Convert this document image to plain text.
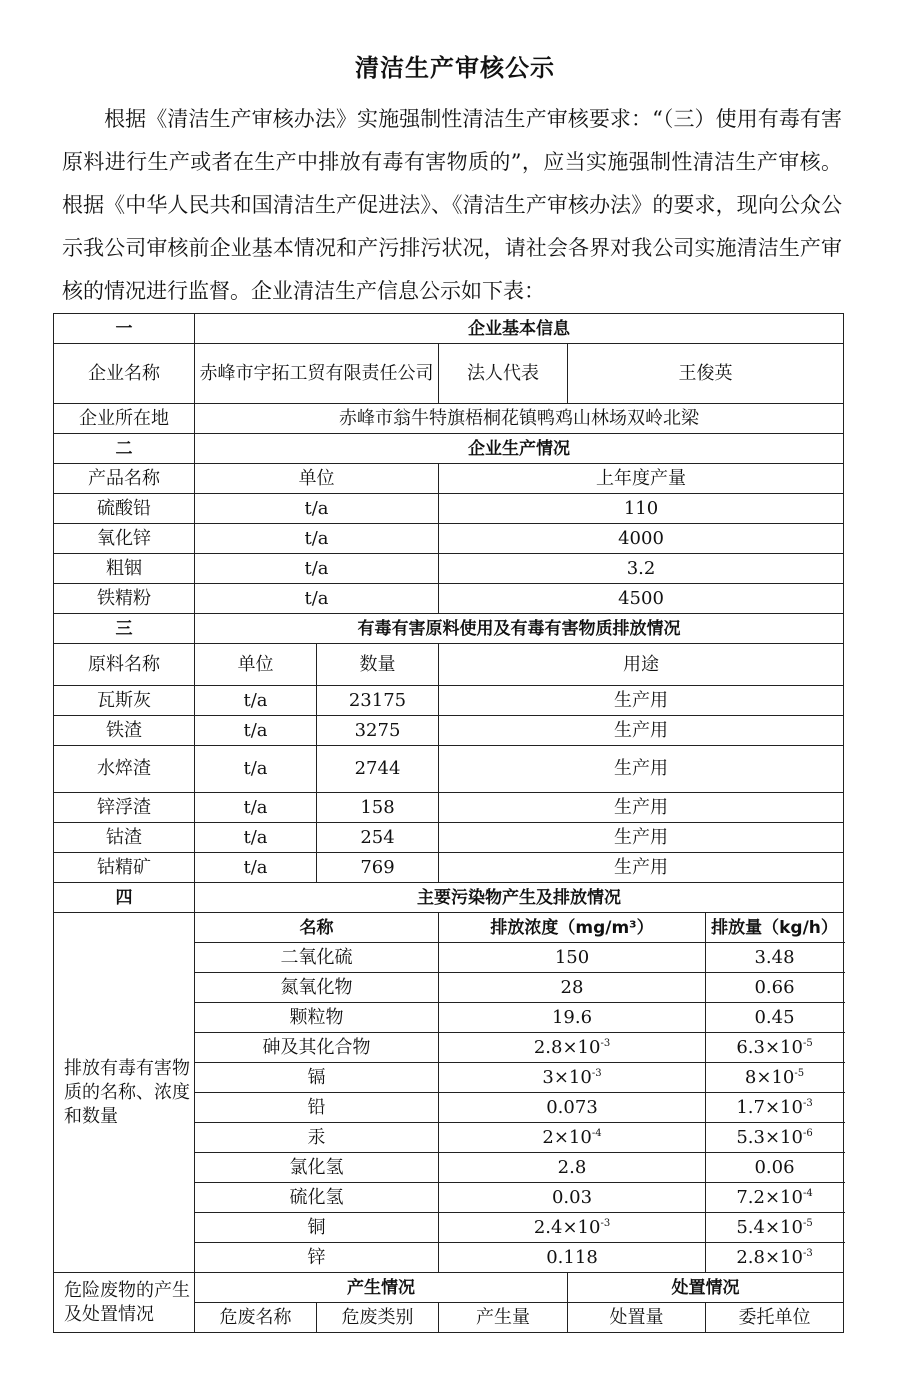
清洁生产审核公示

根据《清洁生产审核办法》实施强制性清洁生产审核要求：“（三）使用有毒有害原料进行生产或者在生产中排放有毒有害物质的”，应当实施强制性清洁生产审核。根据《中华人民共和国清洁生产促进法》、《清洁生产审核办法》的要求，现向公众公示我公司审核前企业基本情况和产污排污状况，请社会各界对我公司实施清洁生产审核的情况进行监督。企业清洁生产信息公示如下表：

一	企业基本信息				
企业名称	赤峰市宇拓工贸有限责任公司		法人代表	王俊英	
企业所在地	赤峰市翁牛特旗梧桐花镇鸭鸡山林场双岭北梁				
二	企业生产情况				
产品名称	单位		上年度产量		
硫酸铅	t/a		110		
氧化锌	t/a		4000		
粗铟	t/a		3.2		
铁精粉	t/a		4500		
三	有毒有害原料使用及有毒有害物质排放情况				
原料名称	单位	数量	用途		
瓦斯灰	t/a	23175	生产用		
铁渣	t/a	3275	生产用		
水焠渣	t/a	2744	生产用		
锌浮渣	t/a	158	生产用		
钴渣	t/a	254	生产用		
钴精矿	t/a	769	生产用		
四	主要污染物产生及排放情况				
排放有毒有害物质的名称、浓度和数量	名称		排放浓度（mg/m³）		排放量（kg/h）
	二氧化硫		150		3.48
	氮氧化物		28		0.66
	颗粒物		19.6		0.45
	砷及其化合物		$2.8\times 10^{-3}$		$6.3\times 10^{-5}$
	镉		$3\times 10^{-3}$		$8\times 10^{-5}$
	铅		0.073		$1.7\times 10^{-3}$
	汞		$2\times 10^{-4}$		$5.3\times 10^{-6}$
	氯化氢		2.8		0.06
	硫化氢		0.03		$7.2\times 10^{-4}$
	铜		$2.4\times 10^{-3}$		$5.4\times 10^{-5}$
	锌		0.118		$2.8\times 10^{-3}$
危险废物的产生及处置情况	产生情况			处置情况	
	危废名称	危废类别	产生量	处置量	委托单位
